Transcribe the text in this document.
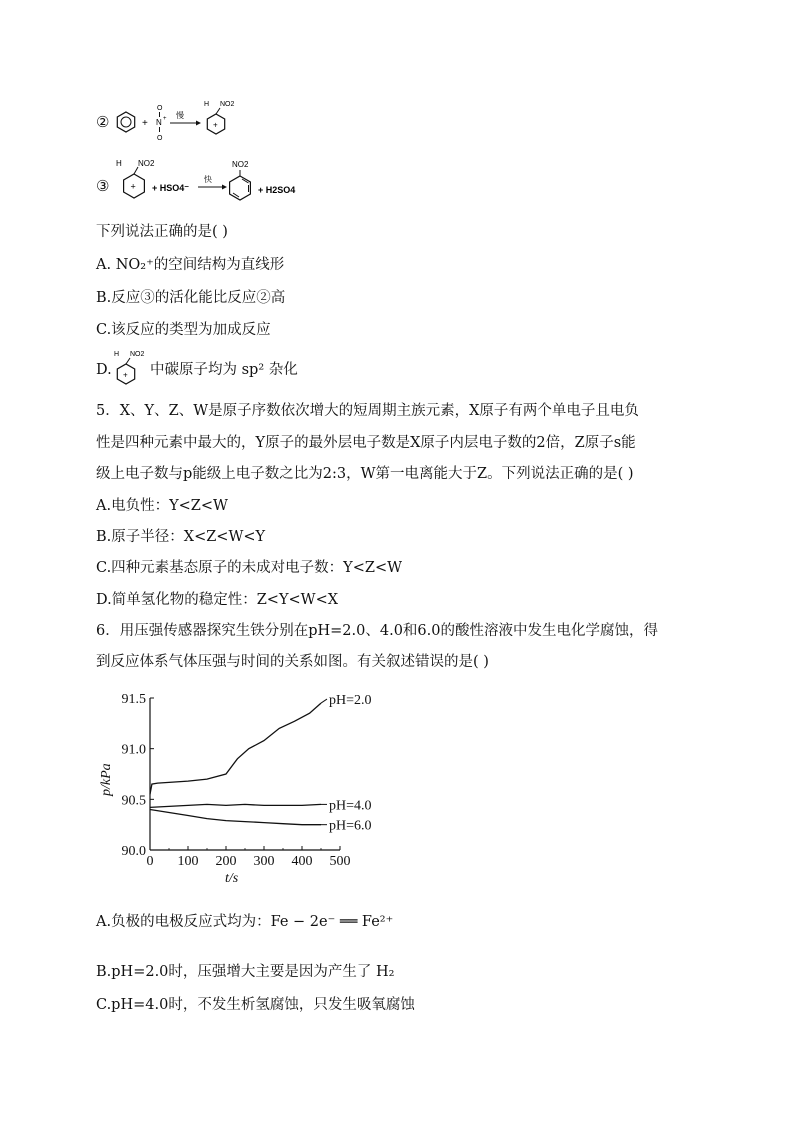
②	+
O
N +
O
慢
+
H NO2
③ +
H NO2
+ HSO4⁻
快
NO2
+ H2SO4
下列说法正确的是( )
A. NO₂⁺的空间结构为直线形
B.反应③的活化能比反应②高
C.该反应的类型为加成反应
D. +
H NO2
中碳原子均为 sp² 杂化
5．X、Y、Z、W是原子序数依次增大的短周期主族元素，X原子有两个单电子且电负
性是四种元素中最大的，Y原子的最外层电子数是X原子内层电子数的2倍，Z原子s能
级上电子数与p能级上电子数之比为2:3，W第一电离能大于Z。下列说法正确的是( )
A.电负性：Y<Z<W
B.原子半径：X<Z<W<Y
C.四种元素基态原子的未成对电子数：Y<Z<W
D.简单氢化物的稳定性：Z<Y<W<X
6．用压强传感器探究生铁分别在pH=2.0、4.0和6.0的酸性溶液中发生电化学腐蚀，得
到反应体系气体压强与时间的关系如图。有关叙述错误的是( )
0 100 200 300 400 500
90.0
90.5
91.0
91.5
t/s
p/kPa
pH=2.0
pH=4.0
pH=6.0
A.负极的电极反应式均为：Fe − 2e⁻ ══ Fe²⁺
B.pH=2.0时，压强增大主要是因为产生了 H₂
C.pH=4.0时，不发生析氢腐蚀，只发生吸氧腐蚀
